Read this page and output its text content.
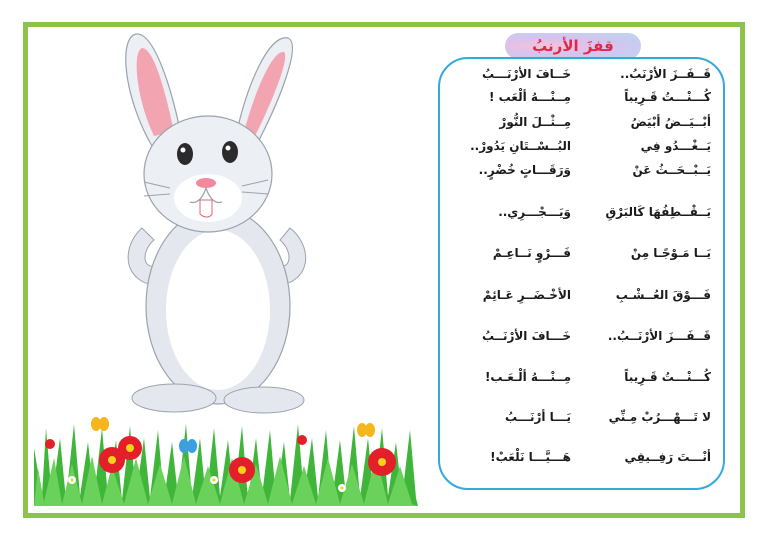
قفزَ الأرنبُ
قَــفَــزَ الأرْنَبُ..
خَــافَ الأرْنَـــبُ
كُـــنْـــتُ قَـرِيباً
مِــنْـــهُ ألْعَب !
أبْــيَــضُ أبْيَضُ
مِــثْــلَ النُّورْ
يَــغْـــدُو فِي
البُــسْــتَانِ يَدُورْ..
يَــبْــحَــثُ عَنْ
وَرَقَـــاتٍ خُضْرٍ..
يَــقْــطِفُهَا كَالبَرْقِ
وَيَـــجْـــرِي..
يَــا مَـوْجًـا مِنْ
فَـــرْوٍ نَــاعِـمْ
فَـــوْقَ العُــشْـبِ
الأخْـضَــرِ عَـائِمْ
قَــفَـــزَ الأرْنَــبُ..
خَـــافَ الأرْنَــبُ
كُـــنْـــتُ قَـرِيباً
مِــنْـــهُ ألْـعَـب!
لا تَـــهْـــرُبْ مِـنِّي
يَـــا أرْنَـــبُ
أنْـــتَ رَفِــيقِي
هَـــيَّـــا نَلْعَبْ!
